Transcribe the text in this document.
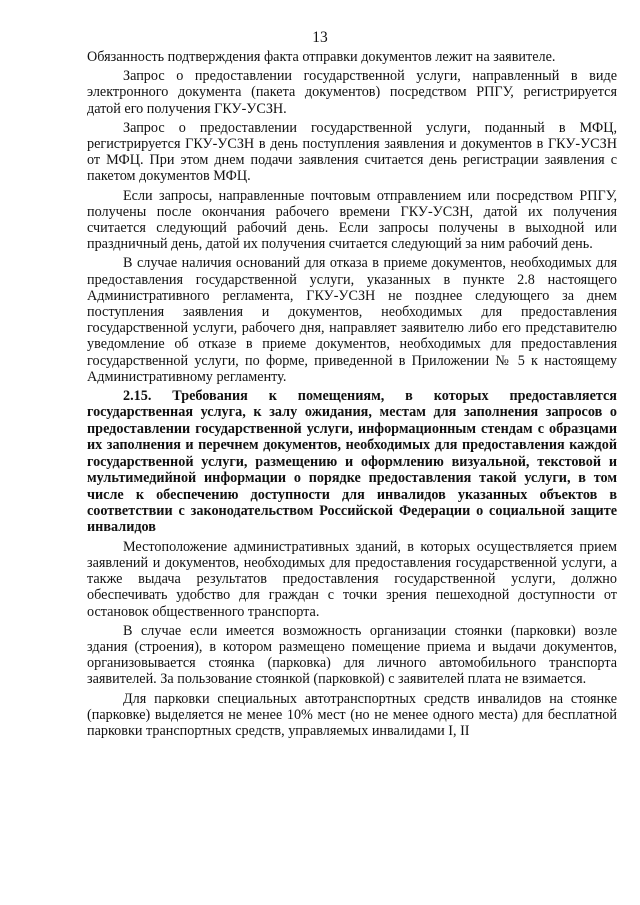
13

Обязанность подтверждения факта отправки документов лежит на заявителе.

Запрос о предоставлении государственной услуги, направленный в виде электронного документа (пакета документов) посредством РПГУ, регистрируется датой его получения ГКУ-УСЗН.

Запрос о предоставлении государственной услуги, поданный в МФЦ, регистрируется ГКУ-УСЗН в день поступления заявления и документов в ГКУ-УСЗН от МФЦ. При этом днем подачи заявления считается день регистрации заявления с пакетом документов МФЦ.

Если запросы, направленные почтовым отправлением или посредством РПГУ, получены после окончания рабочего времени ГКУ-УСЗН, датой их получения считается следующий рабочий день. Если запросы получены в выходной или праздничный день, датой их получения считается следующий за ним рабочий день.

В случае наличия оснований для отказа в приеме документов, необходимых для предоставления государственной услуги, указанных в пункте 2.8 настоящего Административного регламента, ГКУ-УСЗН не позднее следующего за днем поступления заявления и документов, необходимых для предоставления государственной услуги, рабочего дня, направляет заявителю либо его представителю уведомление об отказе в приеме документов, необходимых для предоставления государственной услуги, по форме, приведенной в Приложении № 5 к настоящему Административному регламенту.

2.15. Требования к помещениям, в которых предоставляется государственная услуга, к залу ожидания, местам для заполнения запросов о предоставлении государственной услуги, информационным стендам с образцами их заполнения и перечнем документов, необходимых для предоставления каждой государственной услуги, размещению и оформлению визуальной, текстовой и мультимедийной информации о порядке предоставления такой услуги, в том числе к обеспечению доступности для инвалидов указанных объектов в соответствии с законодательством Российской Федерации о социальной защите инвалидов

Местоположение административных зданий, в которых осуществляется прием заявлений и документов, необходимых для предоставления государственной услуги, а также выдача результатов предоставления государственной услуги, должно обеспечивать удобство для граждан с точки зрения пешеходной доступности от остановок общественного транспорта.

В случае если имеется возможность организации стоянки (парковки) возле здания (строения), в котором размещено помещение приема и выдачи документов, организовывается стоянка (парковка) для личного автомобильного транспорта заявителей. За пользование стоянкой (парковкой) с заявителей плата не взимается.

Для парковки специальных автотранспортных средств инвалидов на стоянке (парковке) выделяется не менее 10% мест (но не менее одного места) для бесплатной парковки транспортных средств, управляемых инвалидами I, II
